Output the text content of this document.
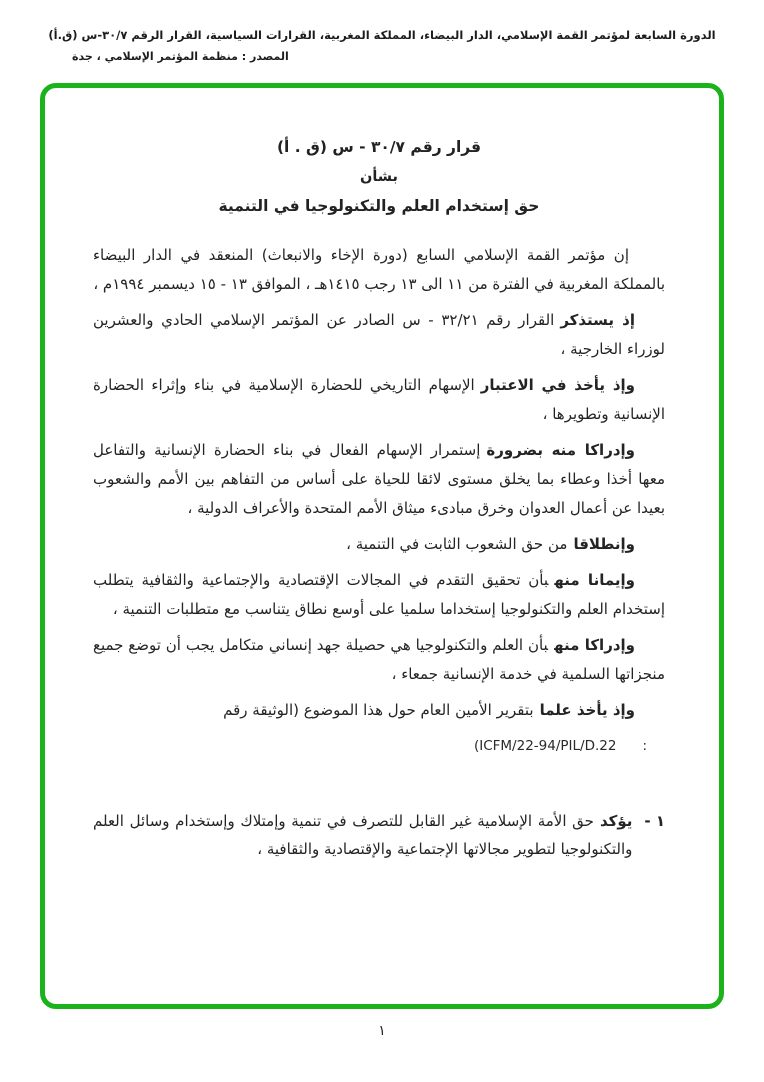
الدورة السابعة لمؤتمر القمة الإسلامي، الدار البيضاء، المملكة المغربية، القرارات السياسية، القرار الرقم ٣٠/٧-س (ق.أ)
المصدر : منظمة المؤتمر الإسلامي ، جدة
قرار رقم ٣٠/٧ - س (ق . أ)
بشأن
حق إستخدام العلم والتكنولوجيا في التنمية

إن مؤتمر القمة الإسلامي السابع (دورة الإخاء والانبعاث) المنعقد في الدار البيضاء بالمملكة المغربية في الفترة من ١١ الى ١٣ رجب ١٤١٥هـ ، الموافق ١٣ - ١٥ ديسمبر ١٩٩٤م ،

إذ يستذكرالقرار رقم ٣٢/٢١ - س الصادر عن المؤتمر الإسلامي الحادي والعشرين لوزراء الخارجية ،

وإذ يأخذ في الاعتبارالإسهام التاريخي للحضارة الإسلامية في بناء وإثراء الحضارة الإنسانية وتطويرها ،

وإدراكا منه بضرورةإستمرار الإسهام الفعال في بناء الحضارة الإنسانية والتفاعل معها أخذا وعطاء بما يخلق مستوى لائقا للحياة على أساس من التفاهم بين الأمم والشعوب بعيدا عن أعمال العدوان وخرق مبادىء ميثاق الأمم المتحدة والأعراف الدولية ،

وإنطلاقامن حق الشعوب الثابت في التنمية ،

وإيمانا منهبأن تحقيق التقدم في المجالات الإقتصادية والإجتماعية والثقافية يتطلب إستخدام العلم والتكنولوجيا إستخداما سلميا على أوسع نطاق يتناسب مع متطلبات التنمية ،

وإدراكا منهبأن العلم والتكنولوجيا هي حصيلة جهد إنساني متكامل يجب أن توضع جميع منجزاتها السلمية في خدمة الإنسانية جمعاء ،

وإذ يأخذ علمابتقرير الأمين العام حول هذا الموضوع (الوثيقة رقم

(ICFM/22-94/PIL/D.22 :
١ -
يؤكدحق الأمة الإسلامية غير القابل للتصرف في تنمية وإمتلاك وإستخدام وسائل العلم والتكنولوجيا لتطوير مجالاتها الإجتماعية والإقتصادية والثقافية ،
١
